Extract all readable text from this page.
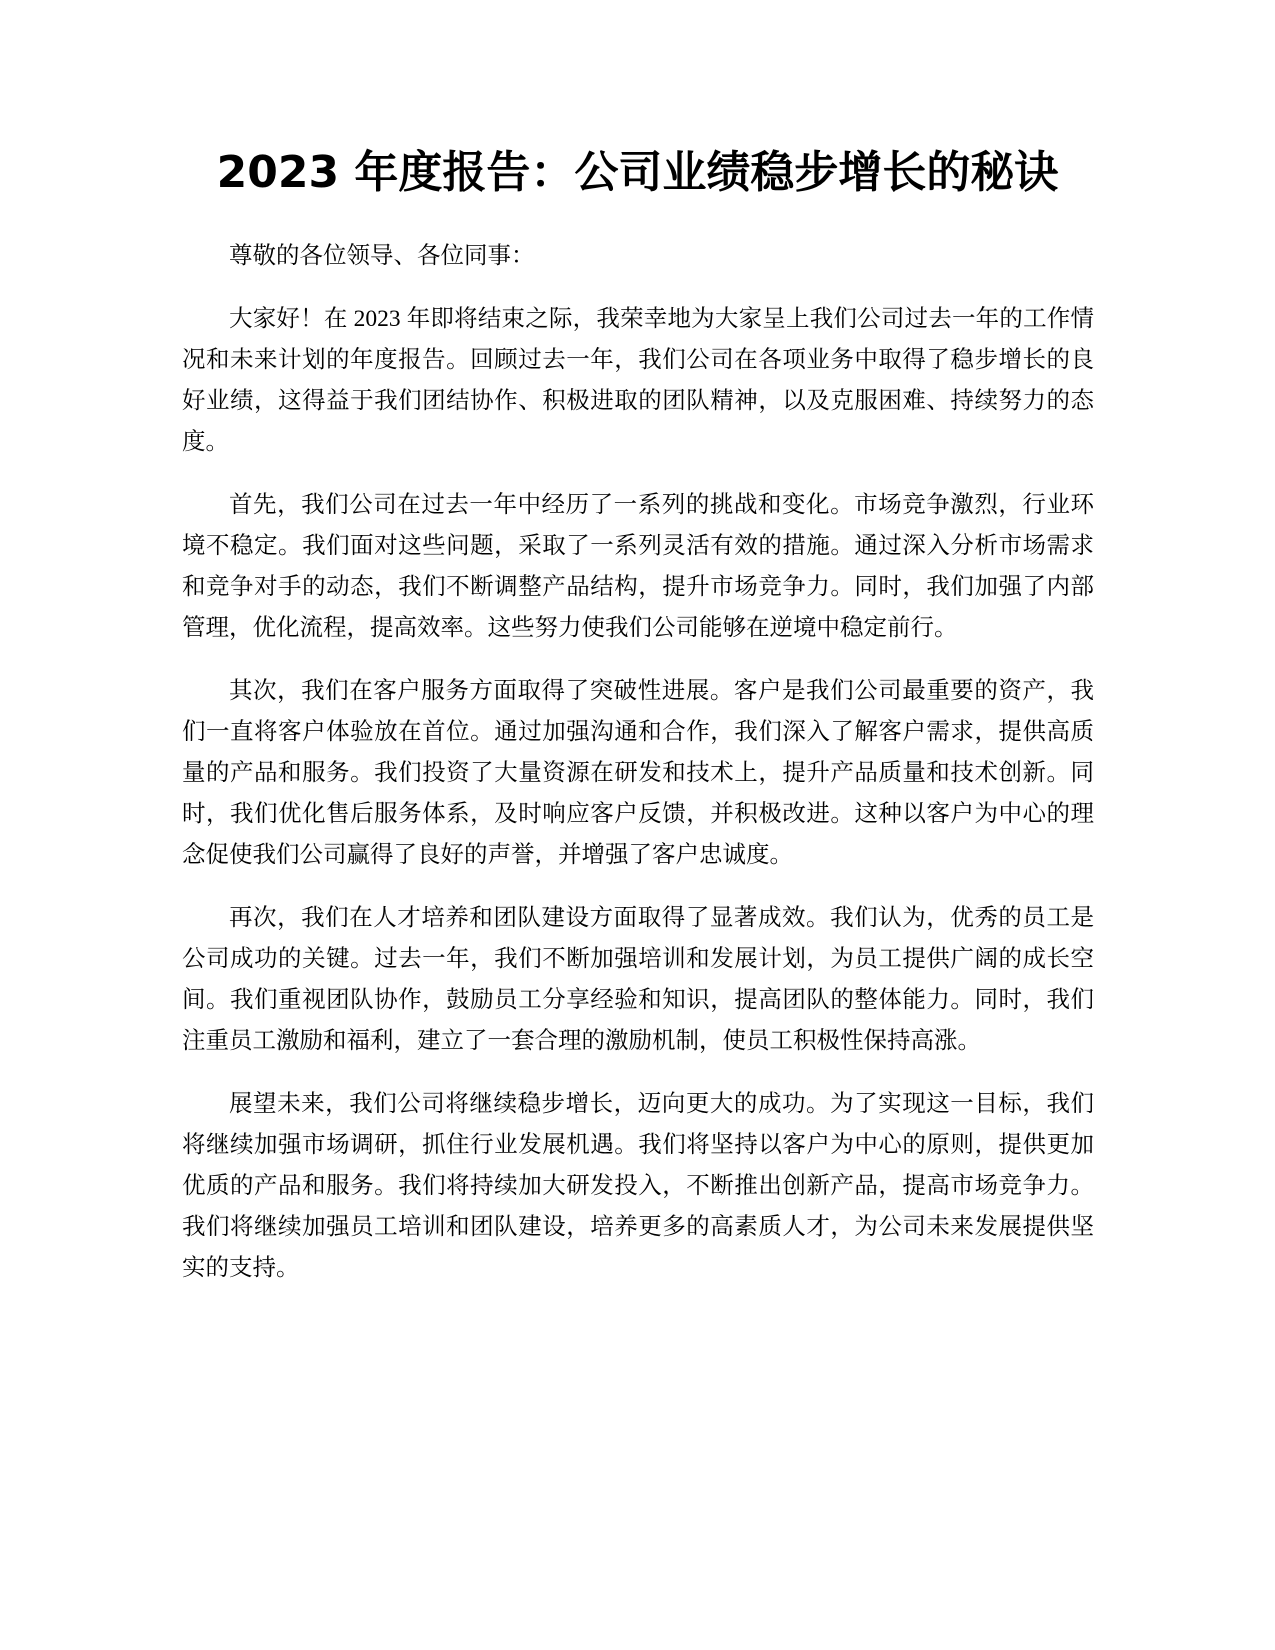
2023 年度报告：公司业绩稳步增长的秘诀

尊敬的各位领导、各位同事：

大家好！在 2023 年即将结束之际，我荣幸地为大家呈上我们公司过去一年的工作情况和未来计划的年度报告。回顾过去一年，我们公司在各项业务中取得了稳步增长的良好业绩，这得益于我们团结协作、积极进取的团队精神，以及克服困难、持续努力的态度。

首先，我们公司在过去一年中经历了一系列的挑战和变化。市场竞争激烈，行业环境不稳定。我们面对这些问题，采取了一系列灵活有效的措施。通过深入分析市场需求和竞争对手的动态，我们不断调整产品结构，提升市场竞争力。同时，我们加强了内部管理，优化流程，提高效率。这些努力使我们公司能够在逆境中稳定前行。

其次，我们在客户服务方面取得了突破性进展。客户是我们公司最重要的资产，我们一直将客户体验放在首位。通过加强沟通和合作，我们深入了解客户需求，提供高质量的产品和服务。我们投资了大量资源在研发和技术上，提升产品质量和技术创新。同时，我们优化售后服务体系，及时响应客户反馈，并积极改进。这种以客户为中心的理念促使我们公司赢得了良好的声誉，并增强了客户忠诚度。

再次，我们在人才培养和团队建设方面取得了显著成效。我们认为，优秀的员工是公司成功的关键。过去一年，我们不断加强培训和发展计划，为员工提供广阔的成长空间。我们重视团队协作，鼓励员工分享经验和知识，提高团队的整体能力。同时，我们注重员工激励和福利，建立了一套合理的激励机制，使员工积极性保持高涨。

展望未来，我们公司将继续稳步增长，迈向更大的成功。为了实现这一目标，我们将继续加强市场调研，抓住行业发展机遇。我们将坚持以客户为中心的原则，提供更加优质的产品和服务。我们将持续加大研发投入，不断推出创新产品，提高市场竞争力。我们将继续加强员工培训和团队建设，培养更多的高素质人才，为公司未来发展提供坚实的支持。
